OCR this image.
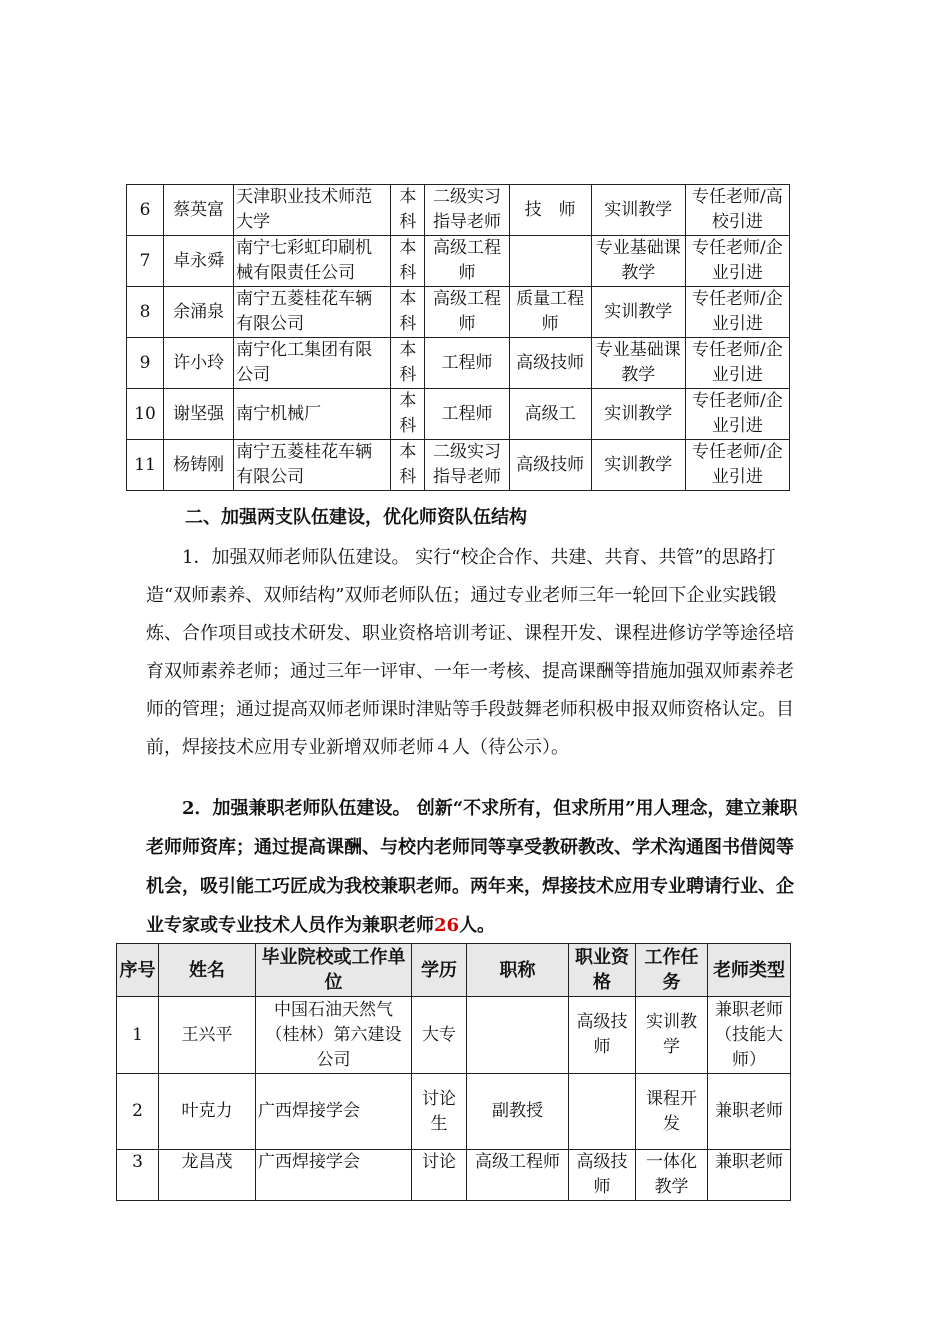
6	蔡英富	天津职业技术师范大学	本科	二级实习指导老师	技　师	实训教学	专任老师/高校引进
7	卓永舜	南宁七彩虹印刷机械有限责任公司	本科	高级工程师		专业基础课教学	专任老师/企业引进
8	余涌泉	南宁五菱桂花车辆有限公司	本科	高级工程师	质量工程师	实训教学	专任老师/企业引进
9	许小玲	南宁化工集团有限公司	本科	工程师	高级技师	专业基础课教学	专任老师/企业引进
10	谢坚强	南宁机械厂	本科	工程师	高级工	实训教学	专任老师/企业引进
11	杨铸刚	南宁五菱桂花车辆有限公司	本科	二级实习指导老师	高级技师	实训教学	专任老师/企业引进

二、加强两支队伍建设，优化师资队伍结构

1．加强双师老师队伍建设。 实行“校企合作、共建、共育、共管”的思路打造“双师素养、双师结构”双师老师队伍；通过专业老师三年一轮回下企业实践锻炼、合作项目或技术研发、职业资格培训考证、课程开发、课程进修访学等途径培育双师素养老师；通过三年一评审、一年一考核、提高课酬等措施加强双师素养老师的管理；通过提高双师老师课时津贴等手段鼓舞老师积极申报双师资格认定。目前，焊接技术应用专业新增双师老师４人（待公示）。

2．加强兼职老师队伍建设。 创新“不求所有，但求所用”用人理念，建立兼职老师师资库；通过提高课酬、与校内老师同等享受教研教改、学术沟通图书借阅等机会，吸引能工巧匠成为我校兼职老师。两年来，焊接技术应用专业聘请行业、企业专家或专业技术人员作为兼职老师26人。

序号	姓名	毕业院校或工作单位	学历	职称	职业资格	工作任务	老师类型
1	王兴平	中国石油天然气（桂林）第六建设公司	大专		高级技师	实训教学	兼职老师（技能大师）
2	叶克力	广西焊接学会	讨论生	副教授		课程开发	兼职老师
3	龙昌茂	广西焊接学会	讨论	高级工程师	高级技师	一体化教学	兼职老师
